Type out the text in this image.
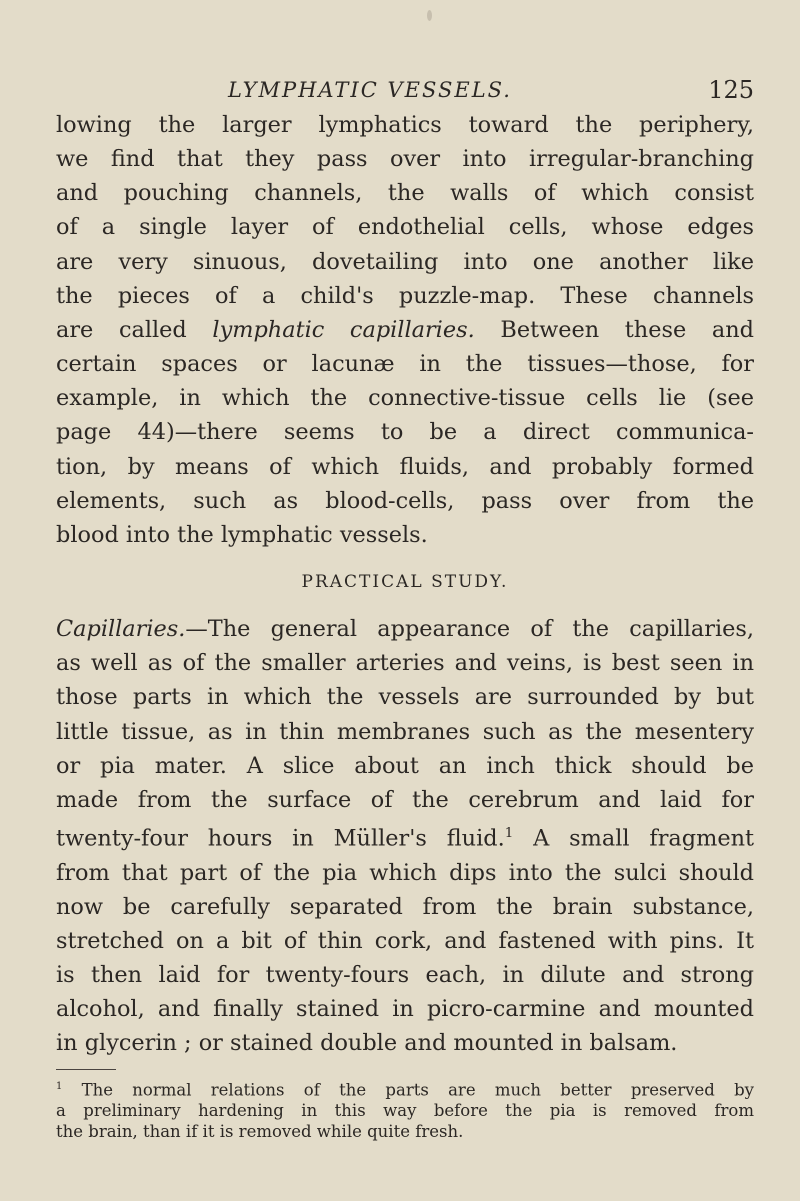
LYMPHATIC VESSELS.	125
lowing the larger lymphatics toward the periphery,
we find that they pass over into irregular-branching
and pouching channels, the walls of which consist
of a single layer of endothelial cells, whose edges
are very sinuous, dovetailing into one another like
the pieces of a child's puzzle-map. These channels
are called lymphatic capillaries. Between these and
certain spaces or lacunæ in the tissues—those, for
example, in which the connective-tissue cells lie (see
page 44)—there seems to be a direct communica-
tion, by means of which fluids, and probably formed
elements, such as blood-cells, pass over from the
blood into the lymphatic vessels.
PRACTICAL STUDY.
Capillaries.—The general appearance of the capillaries,
as well as of the smaller arteries and veins, is best seen in
those parts in which the vessels are surrounded by but
little tissue, as in thin membranes such as the mesentery
or pia mater. A slice about an inch thick should be
made from the surface of the cerebrum and laid for
twenty-four hours in Müller's fluid.$^1$ A small fragment
from that part of the pia which dips into the sulci should
now be carefully separated from the brain substance,
stretched on a bit of thin cork, and fastened with pins. It
is then laid for twenty-fours each, in dilute and strong
alcohol, and finally stained in picro-carmine and mounted
in glycerin ; or stained double and mounted in balsam.
$^1$ The normal relations of the parts are much better preserved by
a preliminary hardening in this way before the pia is removed from
the brain, than if it is removed while quite fresh.
